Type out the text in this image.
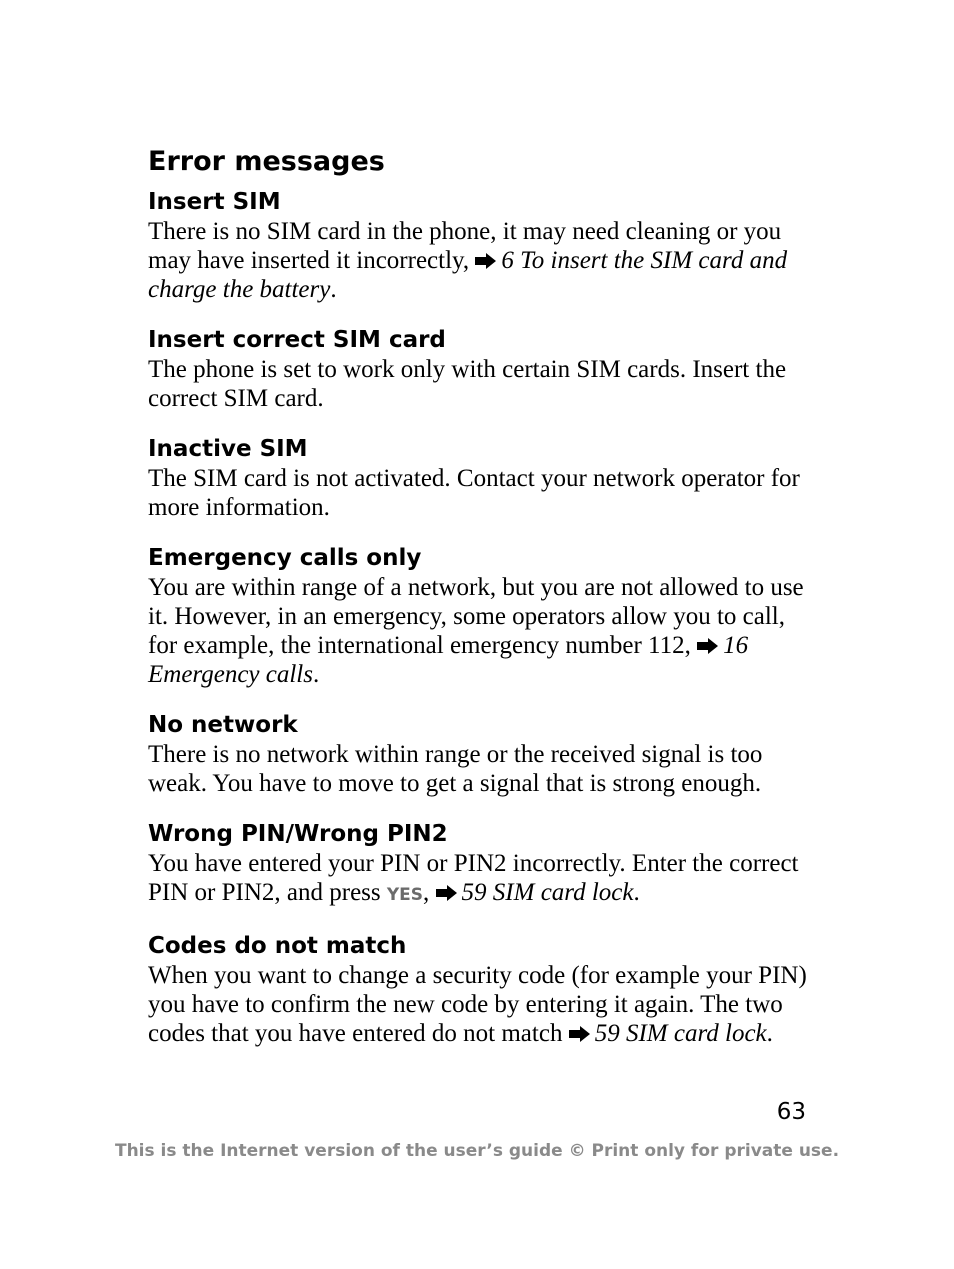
Error messages
Insert SIM

There is no SIM card in the phone, it may need cleaning or you may have inserted it incorrectly, 6 To insert the SIM card and charge the battery.

Insert correct SIM card

The phone is set to work only with certain SIM cards. Insert the correct SIM card.

Inactive SIM

The SIM card is not activated. Contact your network operator for more information.

Emergency calls only

You are within range of a network, but you are not allowed to use it. However, in an emergency, some operators allow you to call, for example, the international emergency number 112, 16 Emergency calls.

No network

There is no network within range or the received signal is too weak. You have to move to get a signal that is strong enough.

Wrong PIN/Wrong PIN2

You have entered your PIN or PIN2 incorrectly. Enter the correct PIN or PIN2, and press YES, 59 SIM card lock.

Codes do not match

When you want to change a security code (for example your PIN) you have to confirm the new code by entering it again. The two codes that you have entered do not match 59 SIM card lock.

63
This is the Internet version of the user’s guide © Print only for private use.
